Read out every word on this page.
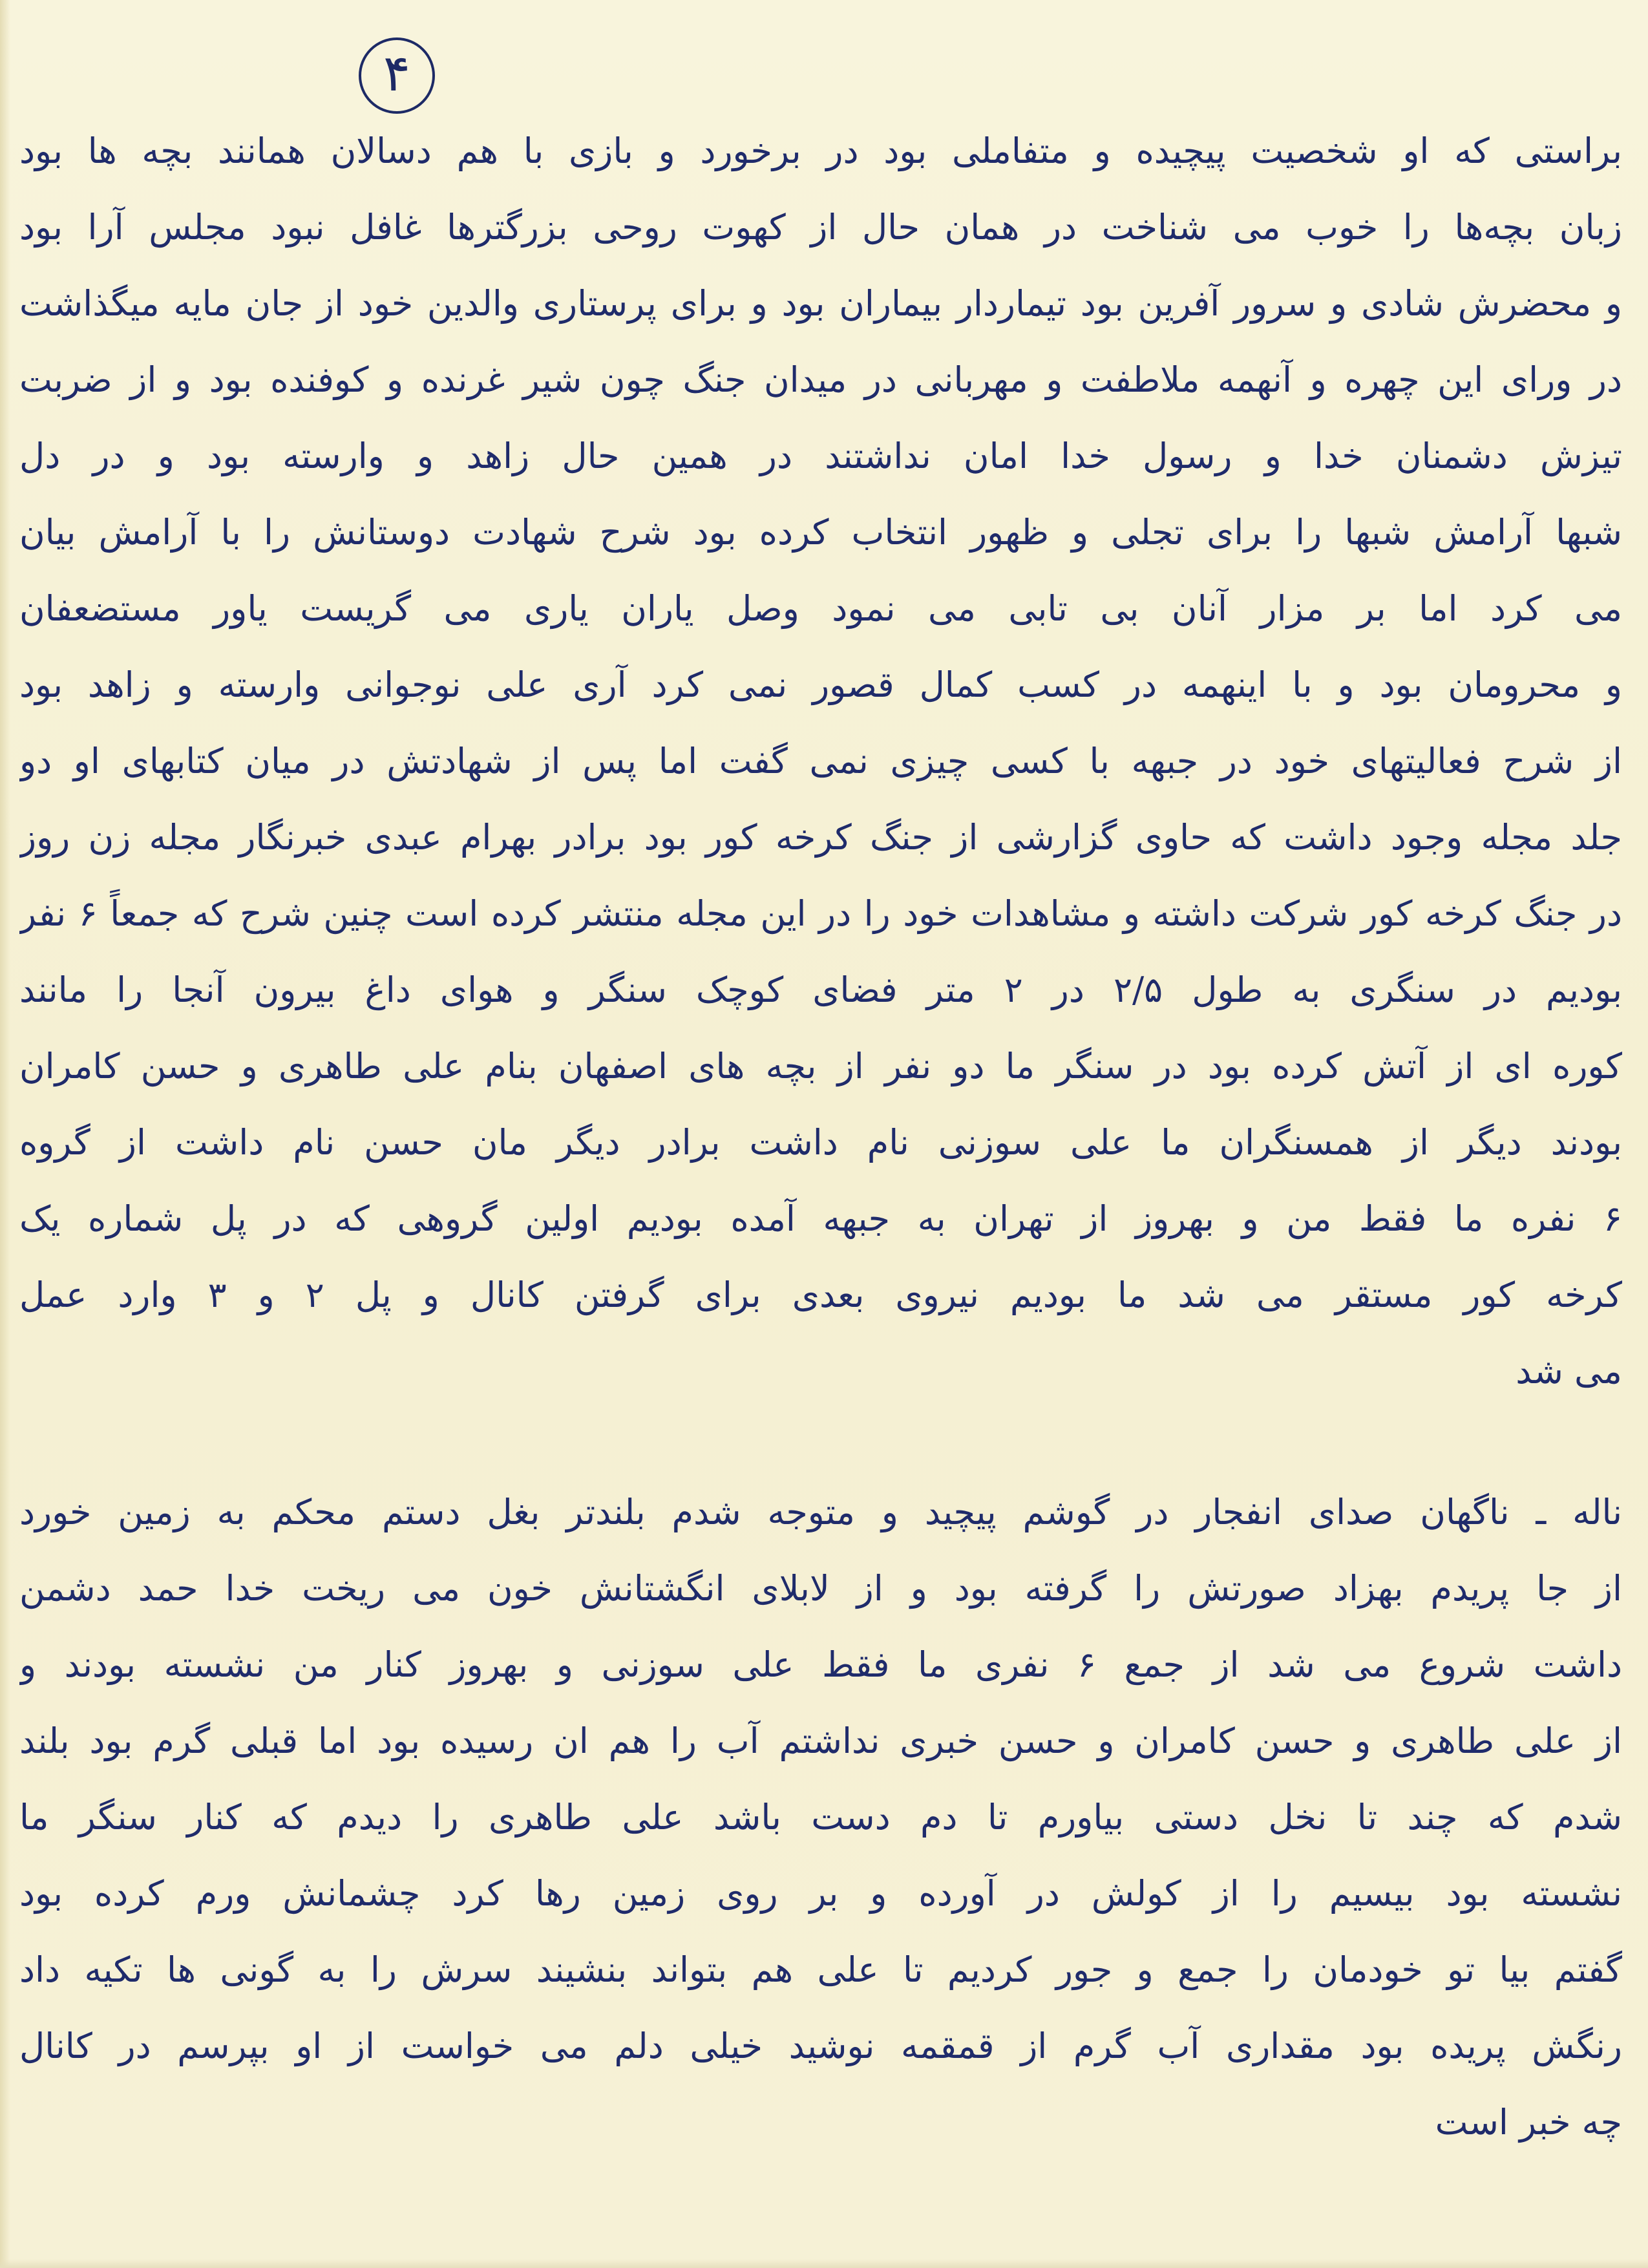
۴
براستی که او شخصیت پیچیده و متفاملی بود در برخورد و بازی با هم دسالان همانند بچه ها بود
زبان بچه‌ها را خوب می شناخت در همان حال از کهوت روحی بزرگترها غافل نبود مجلس آرا بود
و محضرش شادی و سرور آفرین بود تیماردار بیماران بود و برای پرستاری والدین خود از جان مایه میگذاشت
در ورای این چهره و آنهمه ملاطفت و مهربانی در میدان جنگ چون شیر غرنده و کوفنده بود و از ضربت
تیزش دشمنان خدا و رسول خدا امان نداشتند در همین حال زاهد و وارسته بود و در دل
شبها آرامش شبها را برای تجلی و ظهور انتخاب کرده بود شرح شهادت دوستانش را با آرامش بیان
می کرد اما بر مزار آنان بی تابی می نمود وصل یاران یاری می گریست یاور مستضعفان
و محرومان بود و با اینهمه در کسب کمال قصور نمی کرد آری علی نوجوانی وارسته و زاهد بود
از شرح فعالیتهای خود در جبهه با کسی چیزی نمی گفت اما پس از شهادتش در میان کتابهای او دو
جلد مجله وجود داشت که حاوی گزارشی از جنگ کرخه کور بود برادر بهرام عبدی خبرنگار مجله زن روز
در جنگ کرخه کور شرکت داشته و مشاهدات خود را در این مجله منتشر کرده است چنین شرح که جمعاً ۶ نفر
بودیم در سنگری به طول ۲/۵ در ۲ متر فضای کوچک سنگر و هوای داغ بیرون آنجا را مانند
کوره ای از آتش کرده بود در سنگر ما دو نفر از بچه های اصفهان بنام علی طاهری و حسن کامران
بودند دیگر از همسنگران ما علی سوزنی نام داشت برادر دیگر مان حسن نام داشت از گروه
۶ نفره ما فقط من و بهروز از تهران به جبهه آمده بودیم اولین گروهی که در پل شماره یک
کرخه کور مستقر می شد ما بودیم نیروی بعدی برای گرفتن کانال و پل ۲ و ۳ وارد عمل
می شد
ناله ـ ناگهان صدای انفجار در گوشم پیچید و متوجه شدم بلندتر بغل دستم محکم به زمین خورد
از جا پریدم بهزاد صورتش را گرفته بود و از لابلای انگشتانش خون می ریخت خدا حمد دشمن
داشت شروع می شد از جمع ۶ نفری ما فقط علی سوزنی و بهروز کنار من نشسته بودند و
از علی طاهری و حسن کامران و حسن خبری نداشتم آب را هم ان رسیده بود اما قبلی گرم بود بلند
شدم که چند تا نخل دستی بیاورم تا دم دست باشد علی طاهری را دیدم که کنار سنگر ما
نشسته بود بیسیم را از کولش در آورده و بر روی زمین رها کرد چشمانش ورم کرده بود
گفتم بیا تو خودمان را جمع و جور کردیم تا علی هم بتواند بنشیند سرش را به گونی ها تکیه داد
رنگش پریده بود مقداری آب گرم از قمقمه نوشید خیلی دلم می خواست از او بپرسم در کانال
چه خبر است
